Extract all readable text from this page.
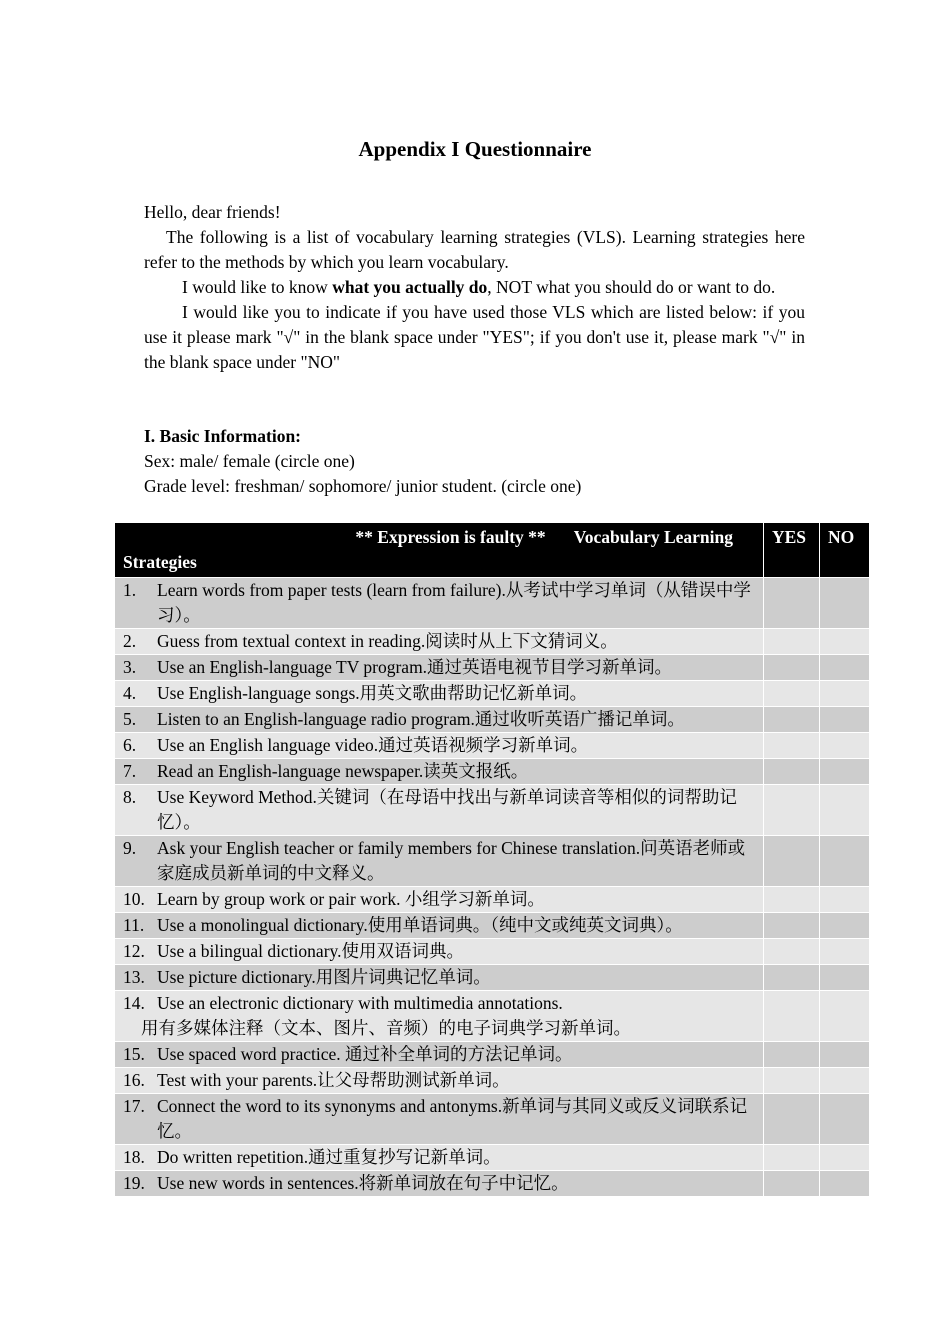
Appendix I Questionnaire

Hello, dear friends!

The following is a list of vocabulary learning strategies (VLS). Learning strategies here refer to the methods by which you learn vocabulary.

I would like to know what you actually do, NOT what you should do or want to do.

I would like you to indicate if you have used those VLS which are listed below: if you use it please mark "√" in the blank space under "YES"; if you don't use it, please mark "√" in the blank space under "NO"

I. Basic Information:
Sex: male/ female (circle one)
Grade level: freshman/ sophomore/ junior student. (circle one)
** Expression is faulty ** Vocabulary Learning
Strategies	YES	NO

1. Learn words from paper tests (learn from failure).从考试中学习单词（从错误中学习）。		

2. Guess from textual context in reading.阅读时从上下文猜词义。		

3. Use an English-language TV program.通过英语电视节目学习新单词。		

4. Use English-language songs.用英文歌曲帮助记忆新单词。		

5. Listen to an English-language radio program.通过收听英语广播记单词。		

6. Use an English language video.通过英语视频学习新单词。		

7. Read an English-language newspaper.读英文报纸。		

8. Use Keyword Method.关键词（在母语中找出与新单词读音等相似的词帮助记忆）。		

9. Ask your English teacher or family members for Chinese translation.问英语老师或家庭成员新单词的中文释义。		

10. Learn by group work or pair work. 小组学习新单词。		

11. Use a monolingual dictionary.使用单语词典。（纯中文或纯英文词典）。		

12. Use a bilingual dictionary.使用双语词典。		

13. Use picture dictionary.用图片词典记忆单词。		

14. Use an electronic dictionary with multimedia annotations.
用有多媒体注释（文本、图片、音频）的电子词典学习新单词。		

15. Use spaced word practice. 通过补全单词的方法记单词。		

16. Test with your parents.让父母帮助测试新单词。		

17. Connect the word to its synonyms and antonyms.新单词与其同义或反义词联系记忆。		

18. Do written repetition.通过重复抄写记新单词。		

19. Use new words in sentences.将新单词放在句子中记忆。		
